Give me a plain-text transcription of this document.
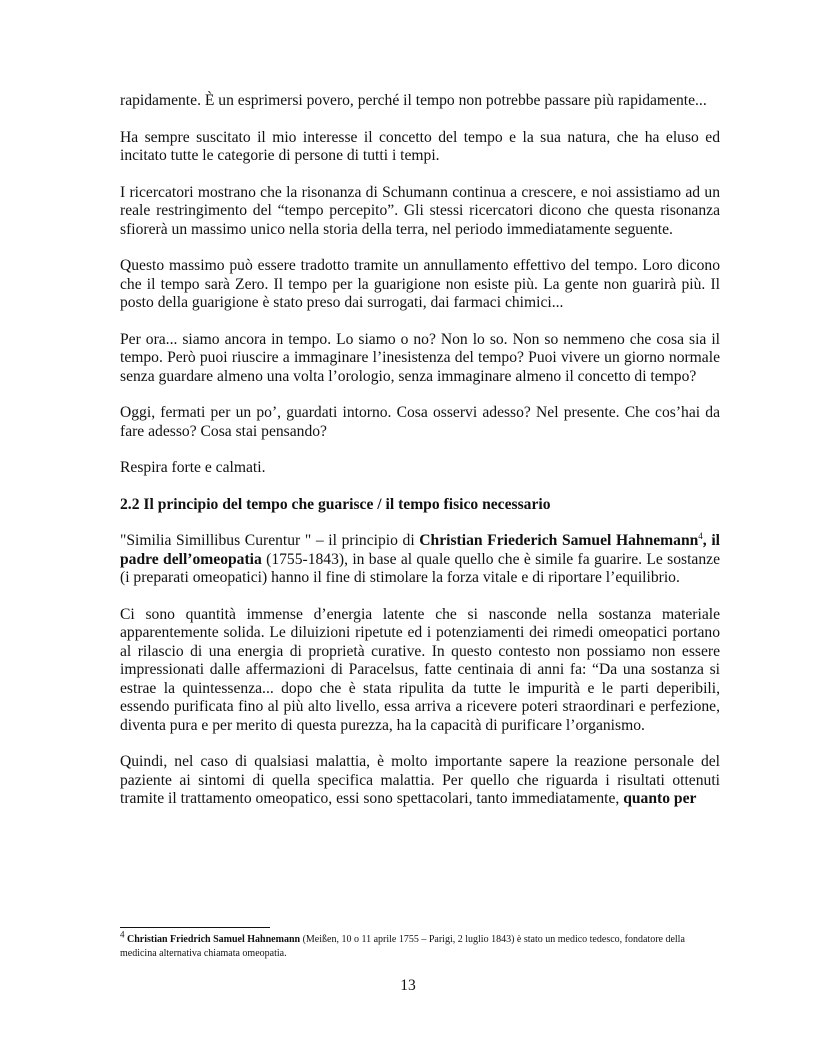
rapidamente. È un esprimersi povero, perché il tempo non potrebbe passare più rapidamente...

Ha sempre suscitato il mio interesse il concetto del tempo e la sua natura, che ha eluso ed incitato tutte le categorie di persone di tutti i tempi.

I ricercatori mostrano che la risonanza di Schumann continua a crescere, e noi assistiamo ad un reale restringimento del “tempo percepito”. Gli stessi ricercatori dicono che questa risonanza sfiorerà un massimo unico nella storia della terra, nel periodo immediatamente seguente.

Questo massimo può essere tradotto tramite un annullamento effettivo del tempo. Loro dicono che il tempo sarà Zero. Il tempo per la guarigione non esiste più. La gente non guarirà più. Il posto della guarigione è stato preso dai surrogati, dai farmaci chimici...

Per ora... siamo ancora in tempo. Lo siamo o no? Non lo so. Non so nemmeno che cosa sia il tempo. Però puoi riuscire a immaginare l’inesistenza del tempo? Puoi vivere un giorno normale senza guardare almeno una volta l’orologio, senza immaginare almeno il concetto di tempo?

Oggi, fermati per un po’, guardati intorno. Cosa osservi adesso? Nel presente. Che cos’hai da fare adesso? Cosa stai pensando?

Respira forte e calmati.

2.2 Il principio del tempo che guarisce / il tempo fisico necessario

"Similia Simillibus Curentur " – il principio di Christian Friederich Samuel Hahnemann$^4$, il padre dell’omeopatia (1755-1843), in base al quale quello che è simile fa guarire. Le sostanze (i preparati omeopatici) hanno il fine di stimolare la forza vitale e di riportare l’equilibrio.

Ci sono quantità immense d’energia latente che si nasconde nella sostanza materiale apparentemente solida. Le diluizioni ripetute ed i potenziamenti dei rimedi omeopatici portano al rilascio di una energia di proprietà curative. In questo contesto non possiamo non essere impressionati dalle affermazioni di Paracelsus, fatte centinaia di anni fa: “Da una sostanza si estrae la quintessenza... dopo che è stata ripulita da tutte le impurità e le parti deperibili, essendo purificata fino al più alto livello, essa arriva a ricevere poteri straordinari e perfezione, diventa pura e per merito di questa purezza, ha la capacità di purificare l’organismo.

Quindi, nel caso di qualsiasi malattia, è molto importante sapere la reazione personale del paziente ai sintomi di quella specifica malattia. Per quello che riguarda i risultati ottenuti tramite il trattamento omeopatico, essi sono spettacolari, tanto immediatamente, quanto per

$^4$ Christian Friedrich Samuel Hahnemann (Meißen, 10 o 11 aprile 1755 – Parigi, 2 luglio 1843) è stato un medico tedesco, fondatore della medicina alternativa chiamata omeopatia.
13
